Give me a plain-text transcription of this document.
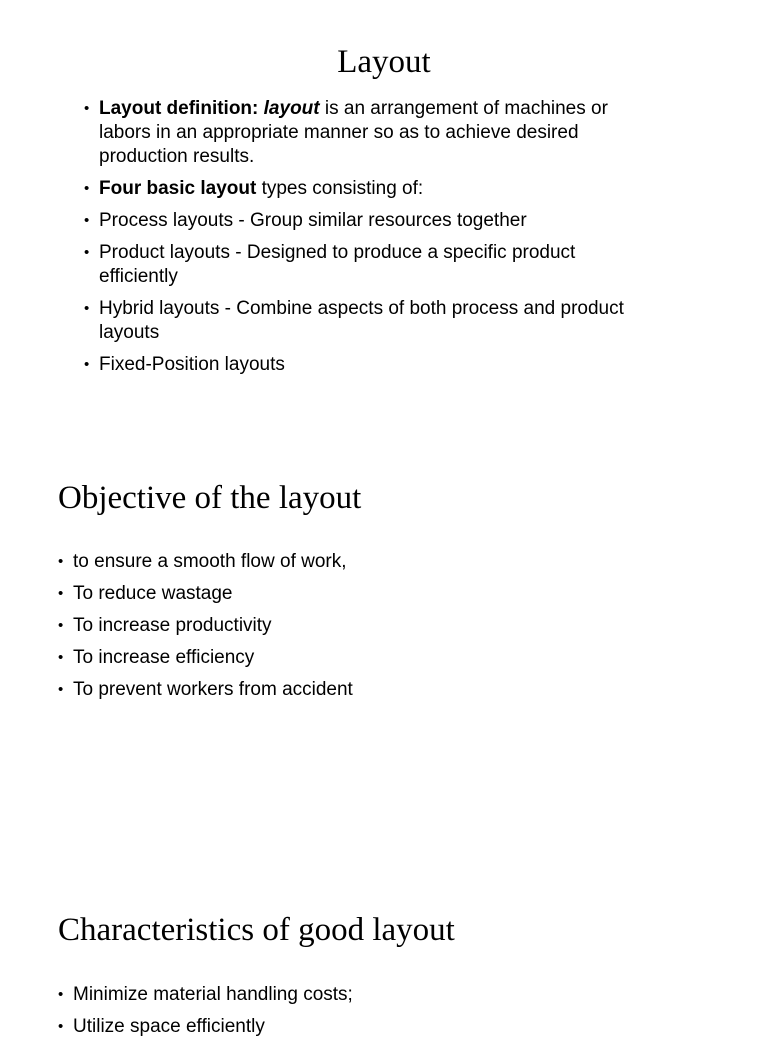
Layout
• Layout definition: layout is an arrangement of machines or labors in an appropriate manner so as to achieve desired production results.
• Four basic layout types consisting of:
• Process layouts - Group similar resources together
• Product layouts - Designed to produce a specific product efficiently
• Hybrid layouts - Combine aspects of both process and product layouts
• Fixed-Position layouts
Objective of the layout
• to ensure a smooth flow of work,
• To reduce wastage
• To increase productivity
• To increase efficiency
• To prevent workers from accident
Characteristics of good layout
• Minimize material handling costs;
• Utilize space efficiently
